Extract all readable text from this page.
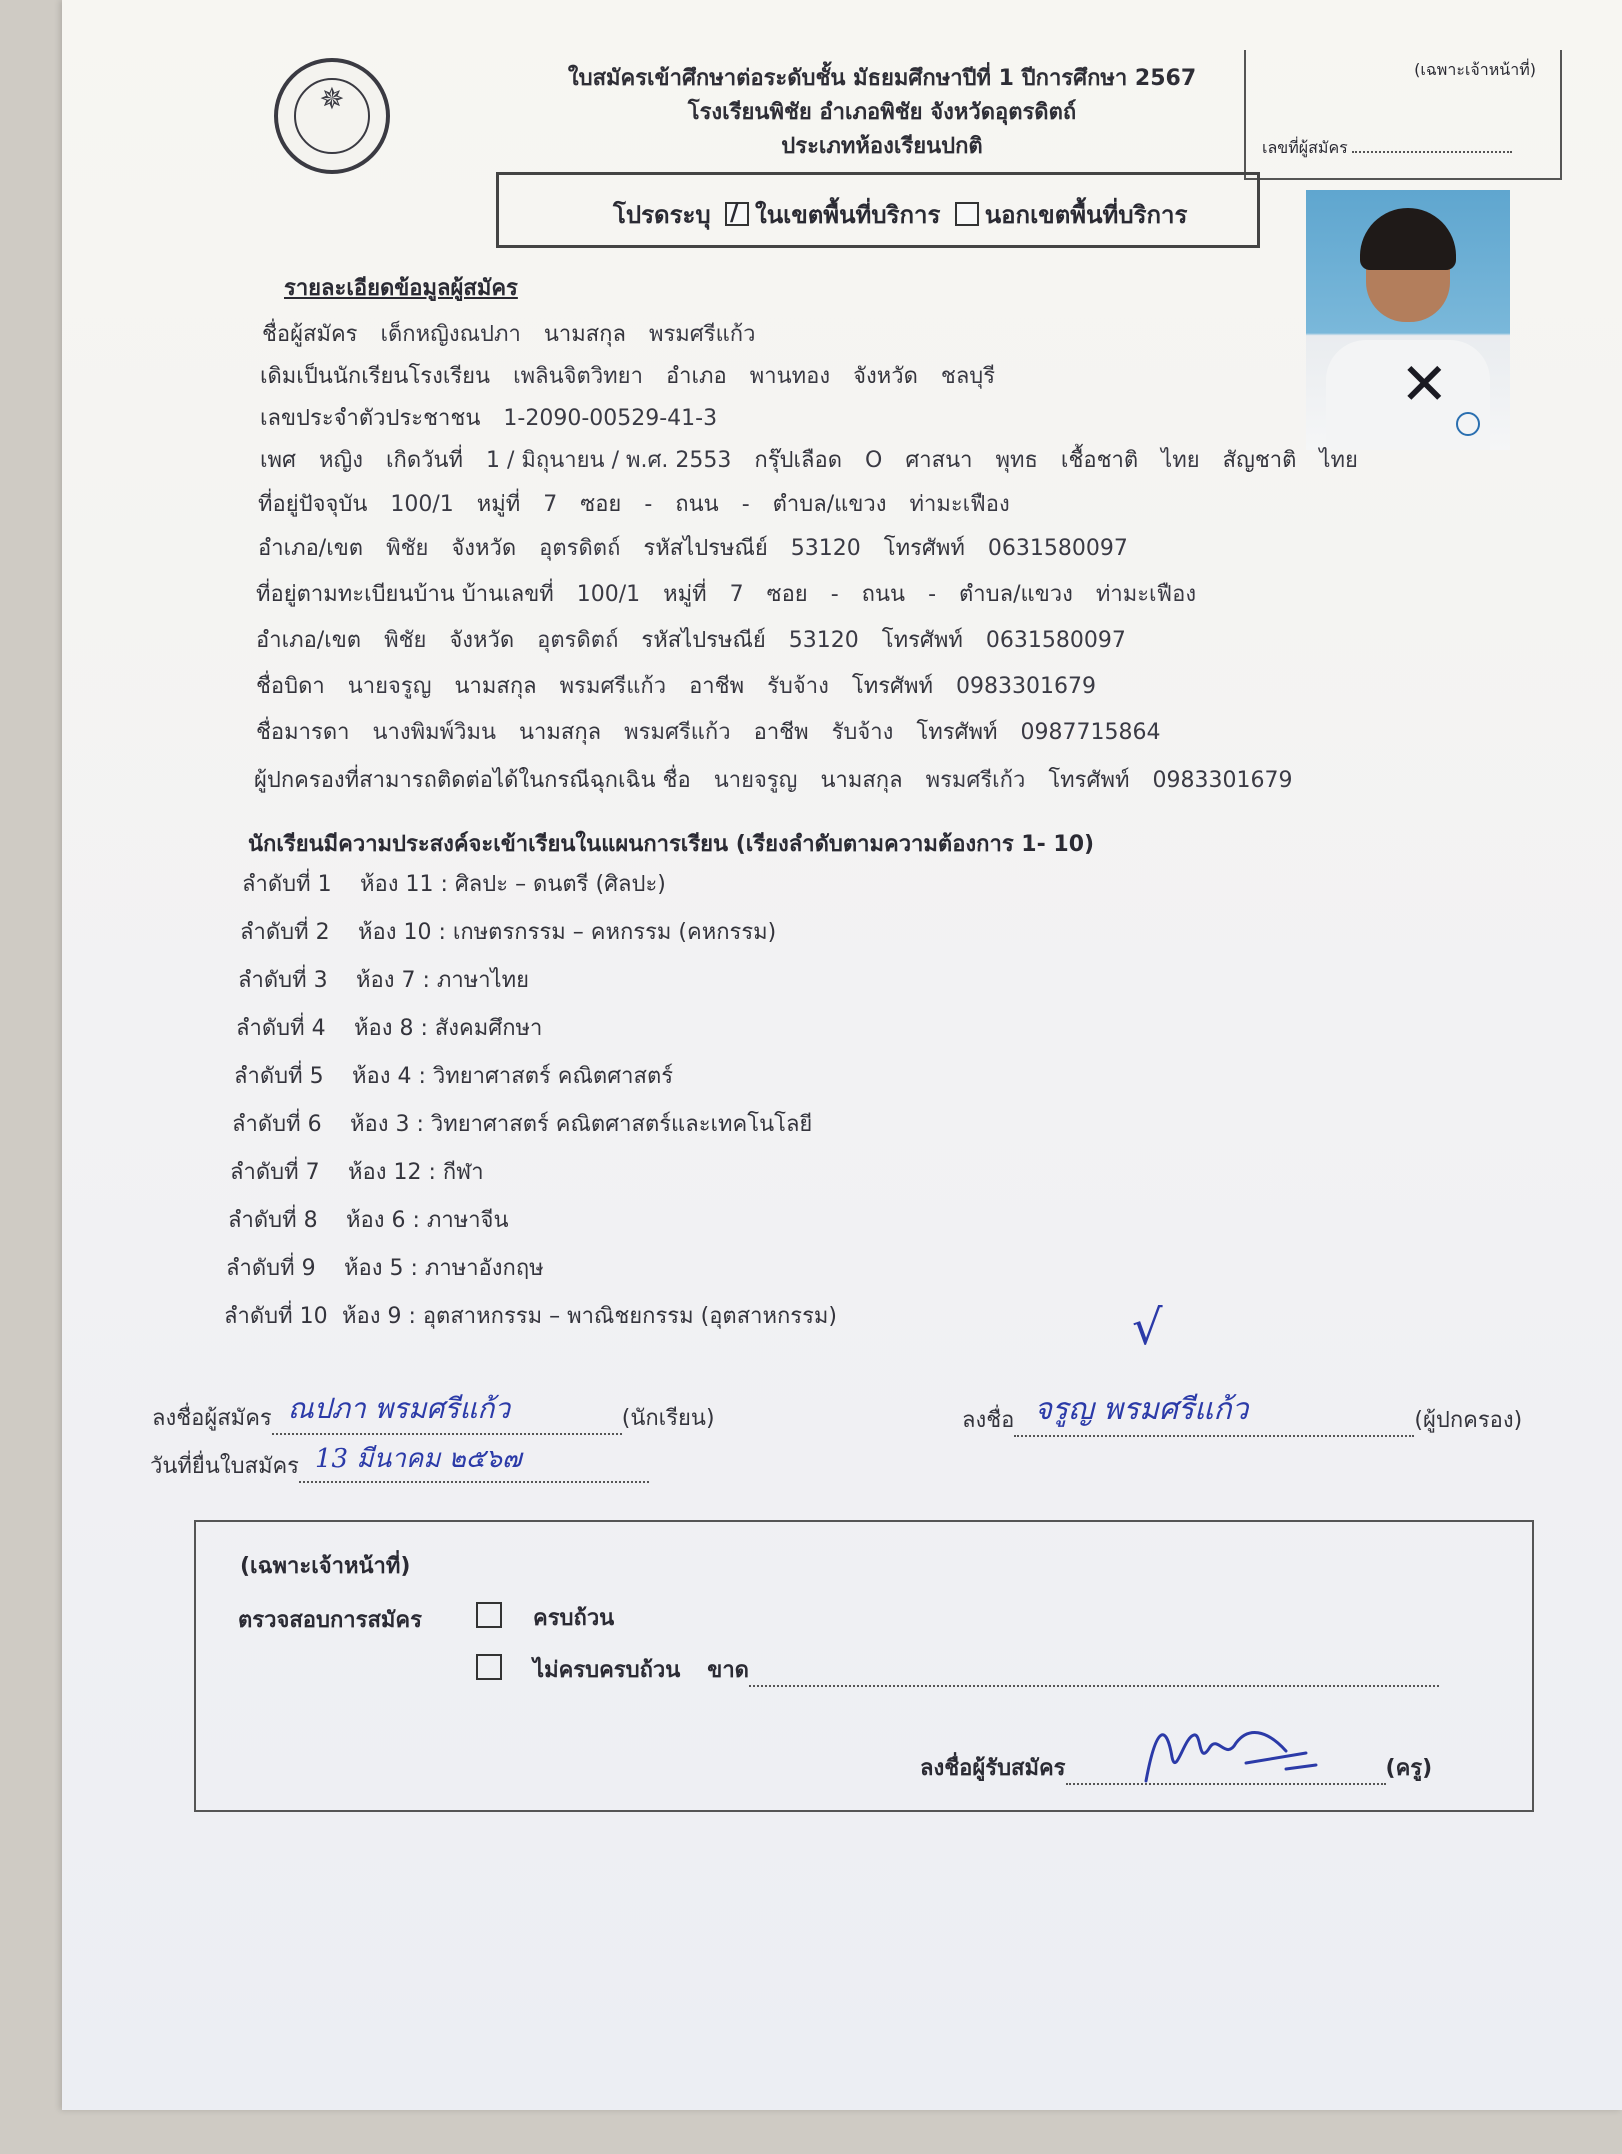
✵
ใบสมัครเข้าศึกษาต่อระดับชั้น มัธยมศึกษาปีที่ 1 ปีการศึกษา 2567
โรงเรียนพิชัย อำเภอพิชัย จังหวัดอุตรดิตถ์
ประเภทห้องเรียนปกติ
(เฉพาะเจ้าหน้าที่)
เลขที่ผู้สมัคร
โปรดระบุ / ในเขตพื้นที่บริการ นอกเขตพื้นที่บริการ
✕
รายละเอียดข้อมูลผู้สมัคร
ชื่อผู้สมัคร เด็กหญิงณปภา นามสกุล พรมศรีแก้ว
เดิมเป็นนักเรียนโรงเรียน เพลินจิตวิทยา อำเภอ พานทอง จังหวัด ชลบุรี
เลขประจำตัวประชาชน 1-2090-00529-41-3
เพศ หญิง เกิดวันที่ 1 / มิถุนายน / พ.ศ. 2553 กรุ๊ปเลือด O ศาสนา พุทธ เชื้อชาติ ไทย สัญชาติ ไทย
ที่อยู่ปัจจุบัน 100/1 หมู่ที่ 7 ซอย - ถนน - ตำบล/แขวง ท่ามะเฟือง
อำเภอ/เขต พิชัย จังหวัด อุตรดิตถ์ รหัสไปรษณีย์ 53120 โทรศัพท์ 0631580097
ที่อยู่ตามทะเบียนบ้าน บ้านเลขที่ 100/1 หมู่ที่ 7 ซอย - ถนน - ตำบล/แขวง ท่ามะเฟือง
อำเภอ/เขต พิชัย จังหวัด อุตรดิตถ์ รหัสไปรษณีย์ 53120 โทรศัพท์ 0631580097
ชื่อบิดา นายจรูญ นามสกุล พรมศรีแก้ว อาชีพ รับจ้าง โทรศัพท์ 0983301679
ชื่อมารดา นางพิมพ์วิมน นามสกุล พรมศรีแก้ว อาชีพ รับจ้าง โทรศัพท์ 0987715864
ผู้ปกครองที่สามารถติดต่อได้ในกรณีฉุกเฉิน ชื่อ นายจรูญ นามสกุล พรมศรีเก้ว โทรศัพท์ 0983301679
นักเรียนมีความประสงค์จะเข้าเรียนในแผนการเรียน (เรียงลำดับตามความต้องการ 1- 10)
ลำดับที่ 1 ห้อง 11 : ศิลปะ – ดนตรี (ศิลปะ)
ลำดับที่ 2 ห้อง 10 : เกษตรกรรม – คหกรรม (คหกรรม)
ลำดับที่ 3 ห้อง 7 : ภาษาไทย
ลำดับที่ 4 ห้อง 8 : สังคมศึกษา
ลำดับที่ 5 ห้อง 4 : วิทยาศาสตร์ คณิตศาสตร์
ลำดับที่ 6 ห้อง 3 : วิทยาศาสตร์ คณิตศาสตร์และเทคโนโลยี
ลำดับที่ 7 ห้อง 12 : กีฬา
ลำดับที่ 8 ห้อง 6 : ภาษาจีน
ลำดับที่ 9 ห้อง 5 : ภาษาอังกฤษ
ลำดับที่ 10 ห้อง 9 : อุตสาหกรรม – พาณิชยกรรม (อุตสาหกรรม)
ลงชื่อผู้สมัคร ณปภา พรมศรีแก้ว	(นักเรียน)
วันที่ยื่นใบสมัคร 13 มีนาคม ๒๕๖๗
√
ลงชื่อ จรูญ พรมศรีแก้ว	(ผู้ปกครอง)
(เฉพาะเจ้าหน้าที่)
ตรวจสอบการสมัคร	ครบถ้วน
ไม่ครบครบถ้วน ขาด
ลงชื่อผู้รับสมัคร	(ครู)
